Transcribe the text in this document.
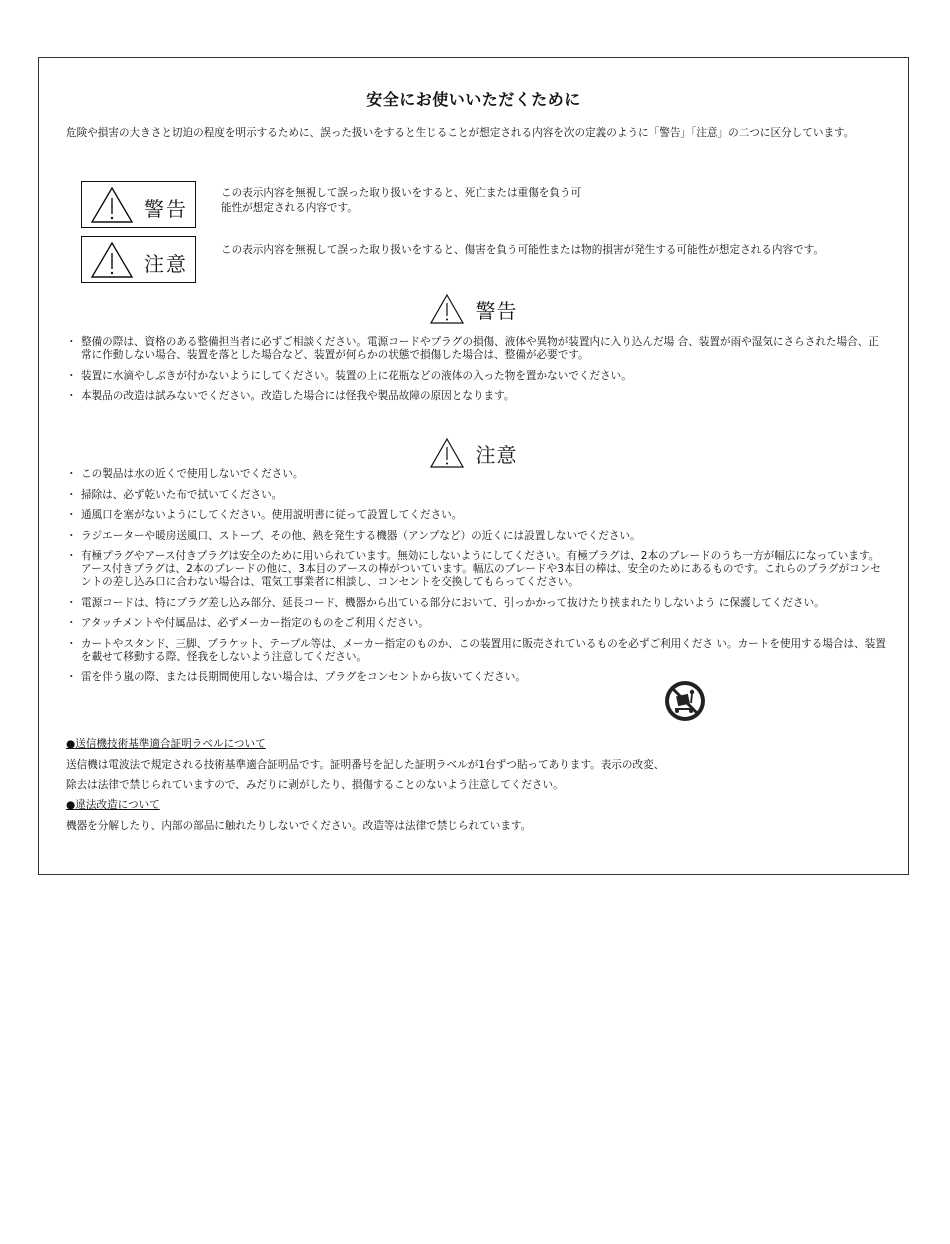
安全にお使いいただくために
危険や損害の大きさと切迫の程度を明示するために、誤った扱いをすると生じることが想定される内容を次の定義のように「警告」「注意」の二つに区分しています。
警告
この表示内容を無視して誤った取り扱いをすると、死亡または重傷を負う可能性が想定される内容です。
注意
この表示内容を無視して誤った取り扱いをすると、傷害を負う可能性または物的損害が発生する可能性が想定される内容です。
警告
・ 整備の際は、資格のある整備担当者に必ずご相談ください。電源コードやプラグの損傷、液体や異物が装置内に入り込んだ場 合、装置が雨や湿気にさらされた場合、正常に作動しない場合、装置を落とした場合など、装置が何らかの状態で損傷した場合は、整備が必要です。
・ 装置に水滴やしぶきが付かないようにしてください。装置の上に花瓶などの液体の入った物を置かないでください。
・ 本製品の改造は試みないでください。改造した場合には怪我や製品故障の原因となります。
注意
・ この製品は水の近くで使用しないでください。
・ 掃除は、必ず乾いた布で拭いてください。
・ 通風口を塞がないようにしてください。使用説明書に従って設置してください。
・ ラジエーターや暖房送風口、ストーブ、その他、熱を発生する機器（アンプなど）の近くには設置しないでください。
・ 有極プラグやアース付きプラグは安全のために用いられています。無効にしないようにしてください。有極プラグは、2本のブレードのうち一方が幅広になっています。アース付きプラグは、2本のブレードの他に、3本目のアースの棒がついています。幅広のブレードや3本目の棒は、安全のためにあるものです。これらのプラグがコンセントの差し込み口に合わない場合は、電気工事業者に相談し、コンセントを交換してもらってください。
・ 電源コードは、特にプラグ差し込み部分、延長コード、機器から出ている部分において、引っかかって抜けたり挟まれたりしないよう に保護してください。
・ アタッチメントや付属品は、必ずメーカー指定のものをご利用ください。
・ カートやスタンド、三脚、ブラケット、テーブル等は、メーカー指定のものか、この装置用に販売されているものを必ずご利用くださ い。カートを使用する場合は、装置を載せて移動する際、怪我をしないよう注意してください。
・ 雷を伴う嵐の際、または長期間使用しない場合は、プラグをコンセントから抜いてください。
●送信機技術基準適合証明ラベルについて
送信機は電波法で規定される技術基準適合証明品です。証明番号を記した証明ラベルが1台ずつ貼ってあります。表示の改変、
除去は法律で禁じられていますので、みだりに剥がしたり、損傷することのないよう注意してください。
●違法改造について
機器を分解したり、内部の部品に触れたりしないでください。改造等は法律で禁じられています。
